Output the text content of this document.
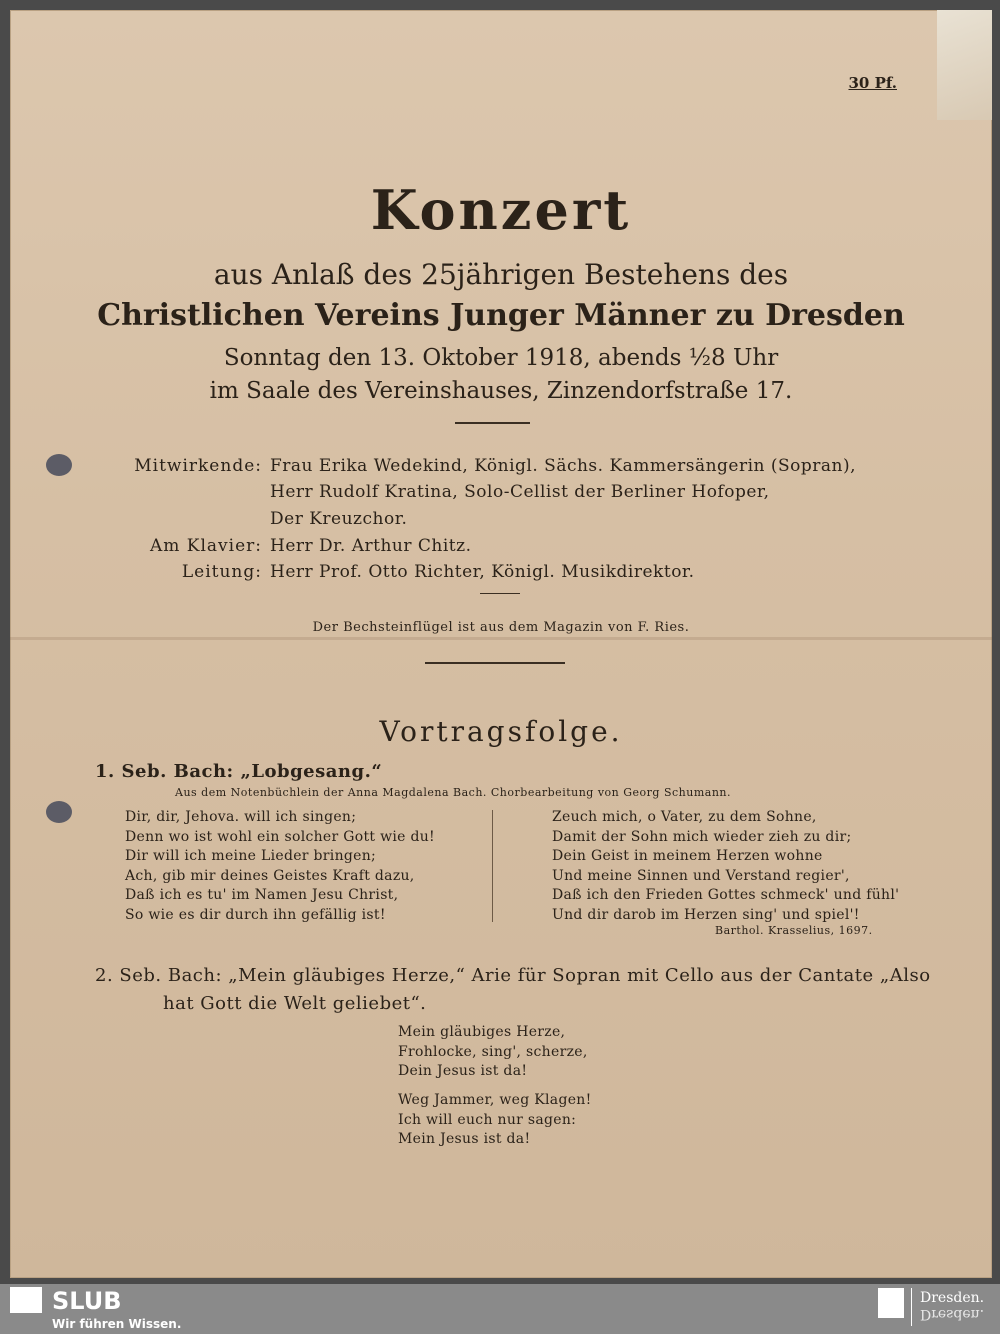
30 Pf.
Konzert
aus Anlaß des 25jährigen Bestehens des
Christlichen Vereins Junger Männer zu Dresden
Sonntag den 13. Oktober 1918, abends ½8 Uhr
im Saale des Vereinshauses, Zinzendorfstraße 17.
Mitwirkende: Frau Erika Wedekind, Königl. Sächs. Kammersängerin (Sopran),
Herr Rudolf Kratina, Solo-Cellist der Berliner Hofoper,
Der Kreuzchor.
Am Klavier: Herr Dr. Arthur Chitz.
Leitung: Herr Prof. Otto Richter, Königl. Musikdirektor.
Der Bechsteinflügel ist aus dem Magazin von F. Ries.
Vortragsfolge.
1. Seb. Bach: „Lobgesang.“
Aus dem Notenbüchlein der Anna Magdalena Bach. Chorbearbeitung von Georg Schumann.
Dir, dir, Jehova. will ich singen;
Denn wo ist wohl ein solcher Gott wie du!
Dir will ich meine Lieder bringen;
Ach, gib mir deines Geistes Kraft dazu,
Daß ich es tu' im Namen Jesu Christ,
So wie es dir durch ihn gefällig ist!
Zeuch mich, o Vater, zu dem Sohne,
Damit der Sohn mich wieder zieh zu dir;
Dein Geist in meinem Herzen wohne
Und meine Sinnen und Verstand regier',
Daß ich den Frieden Gottes schmeck' und fühl'
Und dir darob im Herzen sing' und spiel'!
Barthol. Krasselius, 1697.
2. Seb. Bach: „Mein gläubiges Herze,“ Arie für Sopran mit Cello aus der Cantate „Also
hat Gott die Welt geliebet“.
Mein gläubiges Herze,
Frohlocke, sing', scherze,
Dein Jesus ist da!
Weg Jammer, weg Klagen!
Ich will euch nur sagen:
Mein Jesus ist da!
SLUB
Wir führen Wissen.
Dresden.
Dresden.
